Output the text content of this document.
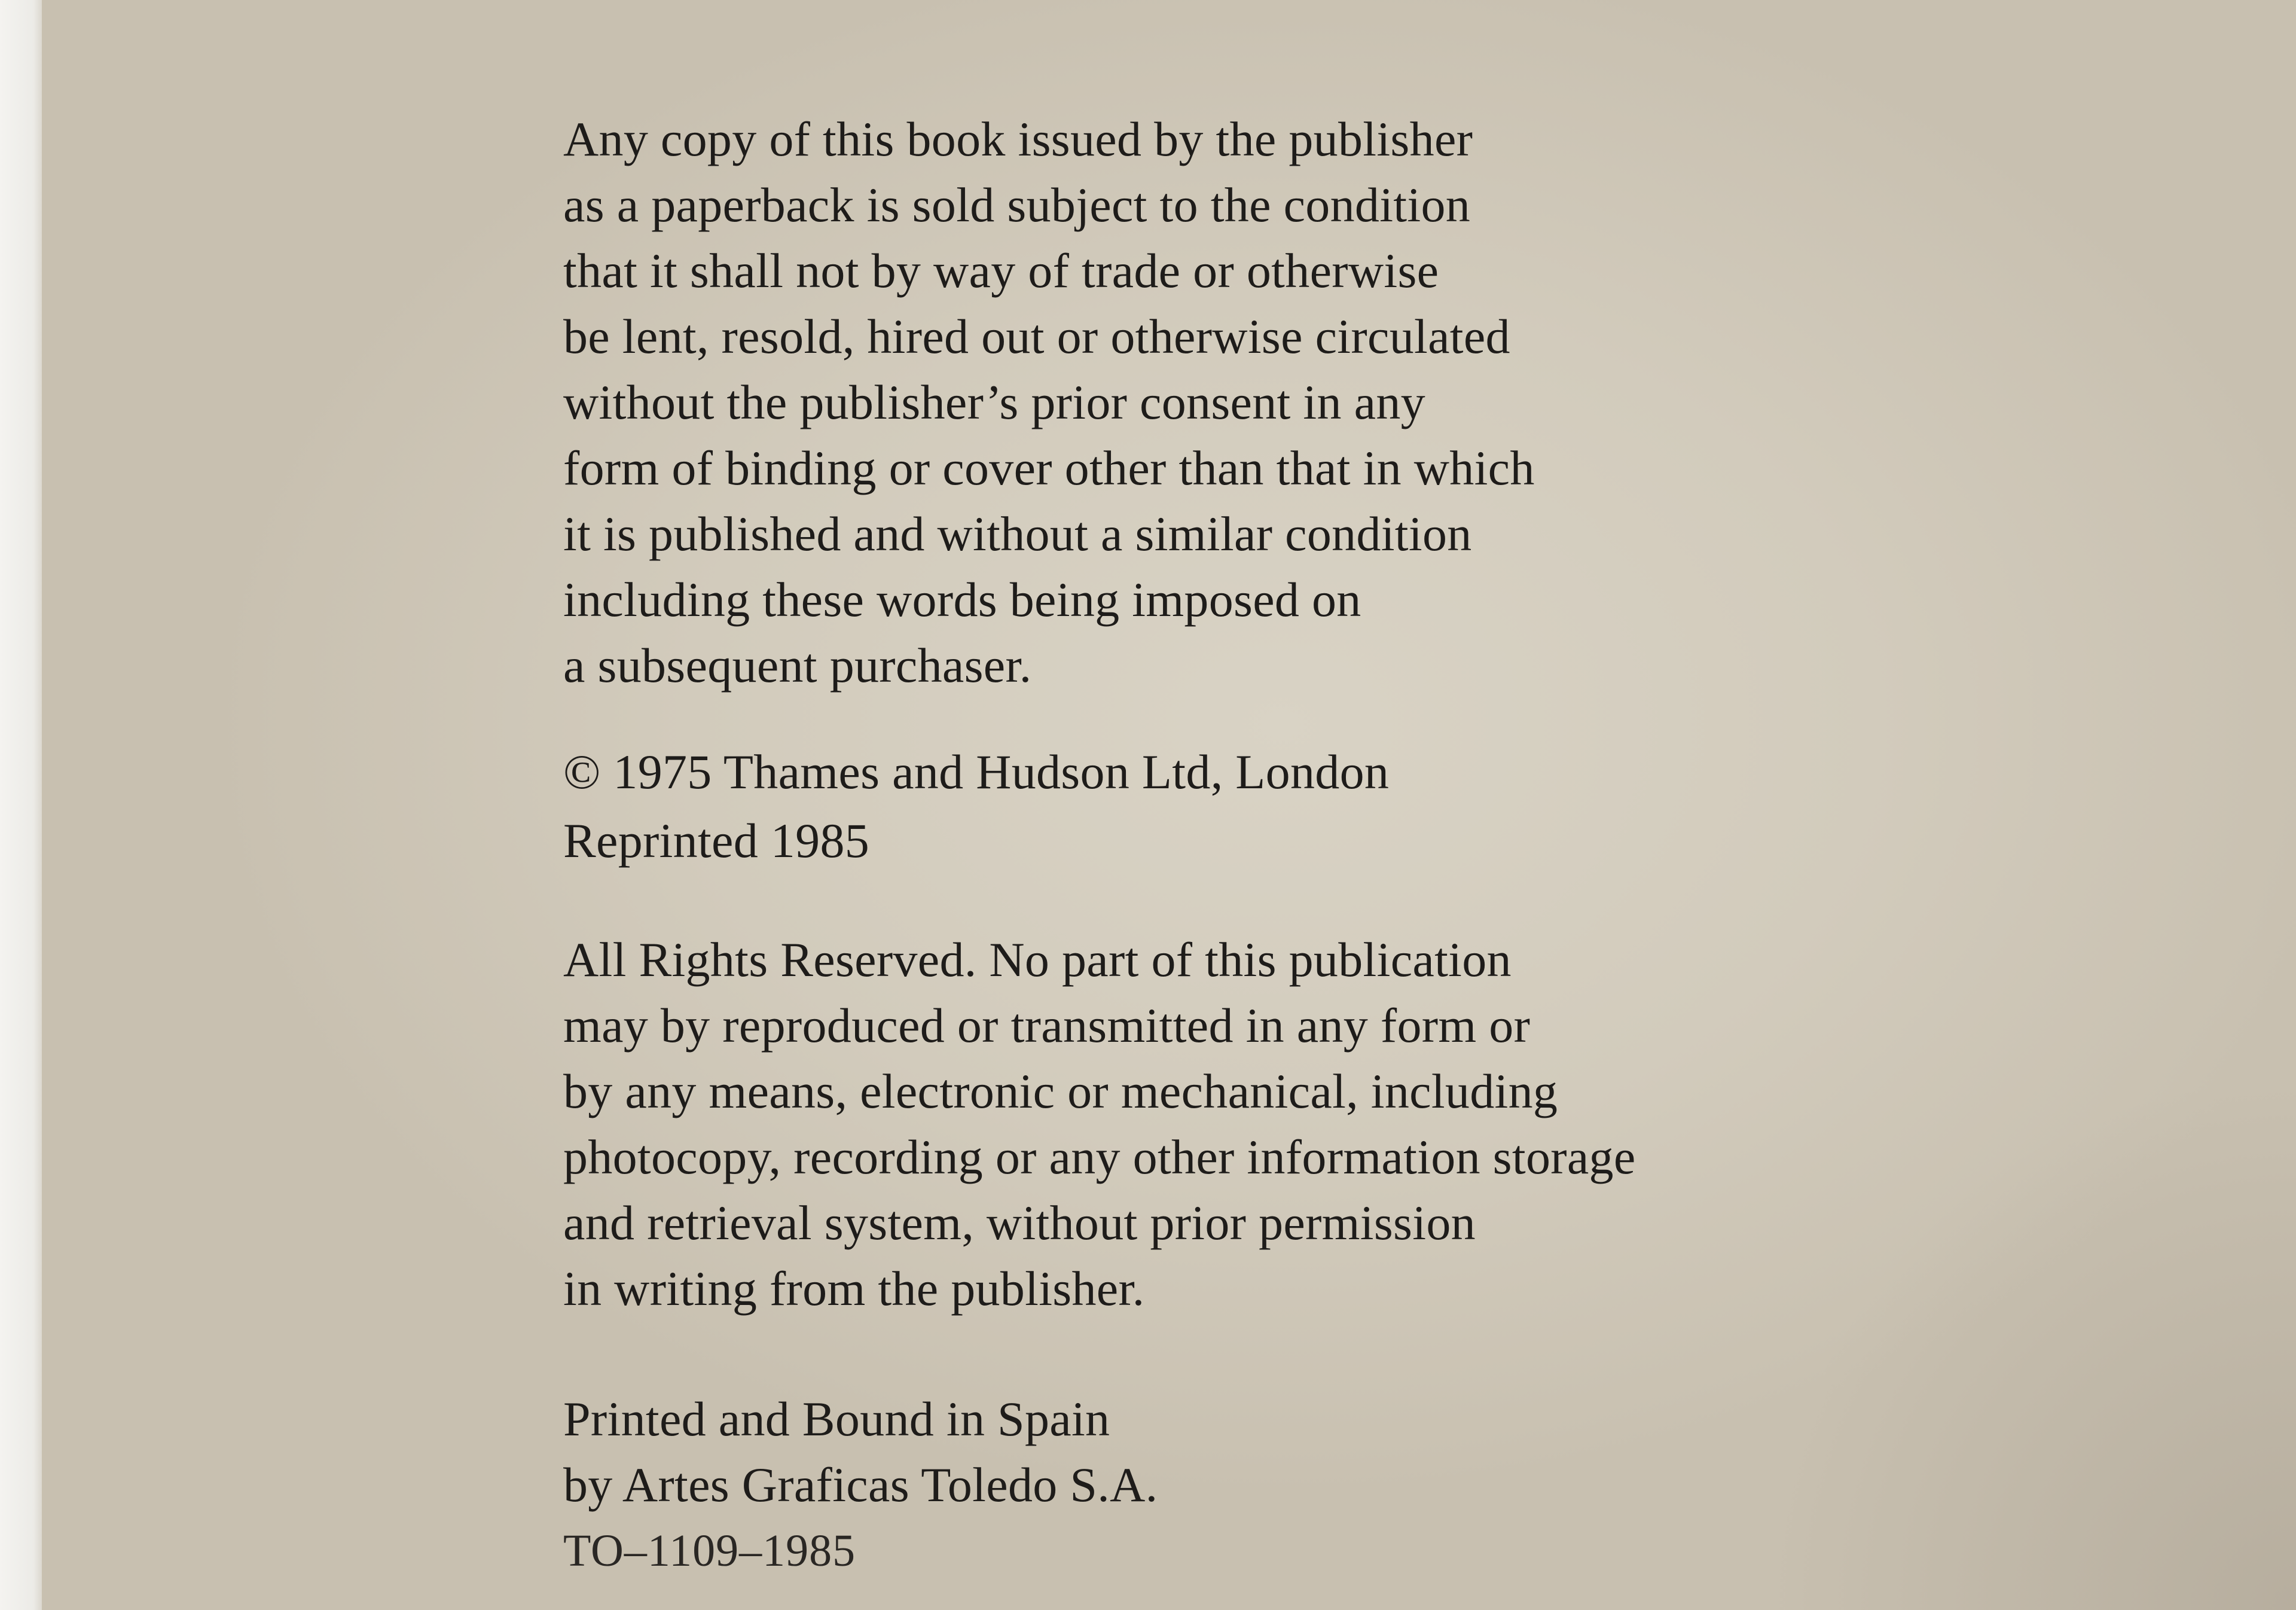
Any copy of this book issued by the publisher
as a paperback is sold subject to the condition
that it shall not by way of trade or otherwise
be lent, resold, hired out or otherwise circulated
without the publisher’s prior consent in any
form of binding or cover other than that in which
it is published and without a similar condition
including these words being imposed on
a subsequent purchaser.
© 1975 Thames and Hudson Ltd, London
Reprinted 1985
All Rights Reserved. No part of this publication
may by reproduced or transmitted in any form or
by any means, electronic or mechanical, including
photocopy, recording or any other information storage
and retrieval system, without prior permission
in writing from the publisher.
Printed and Bound in Spain
by Artes Graficas Toledo S.A.
TO–1109–1985
